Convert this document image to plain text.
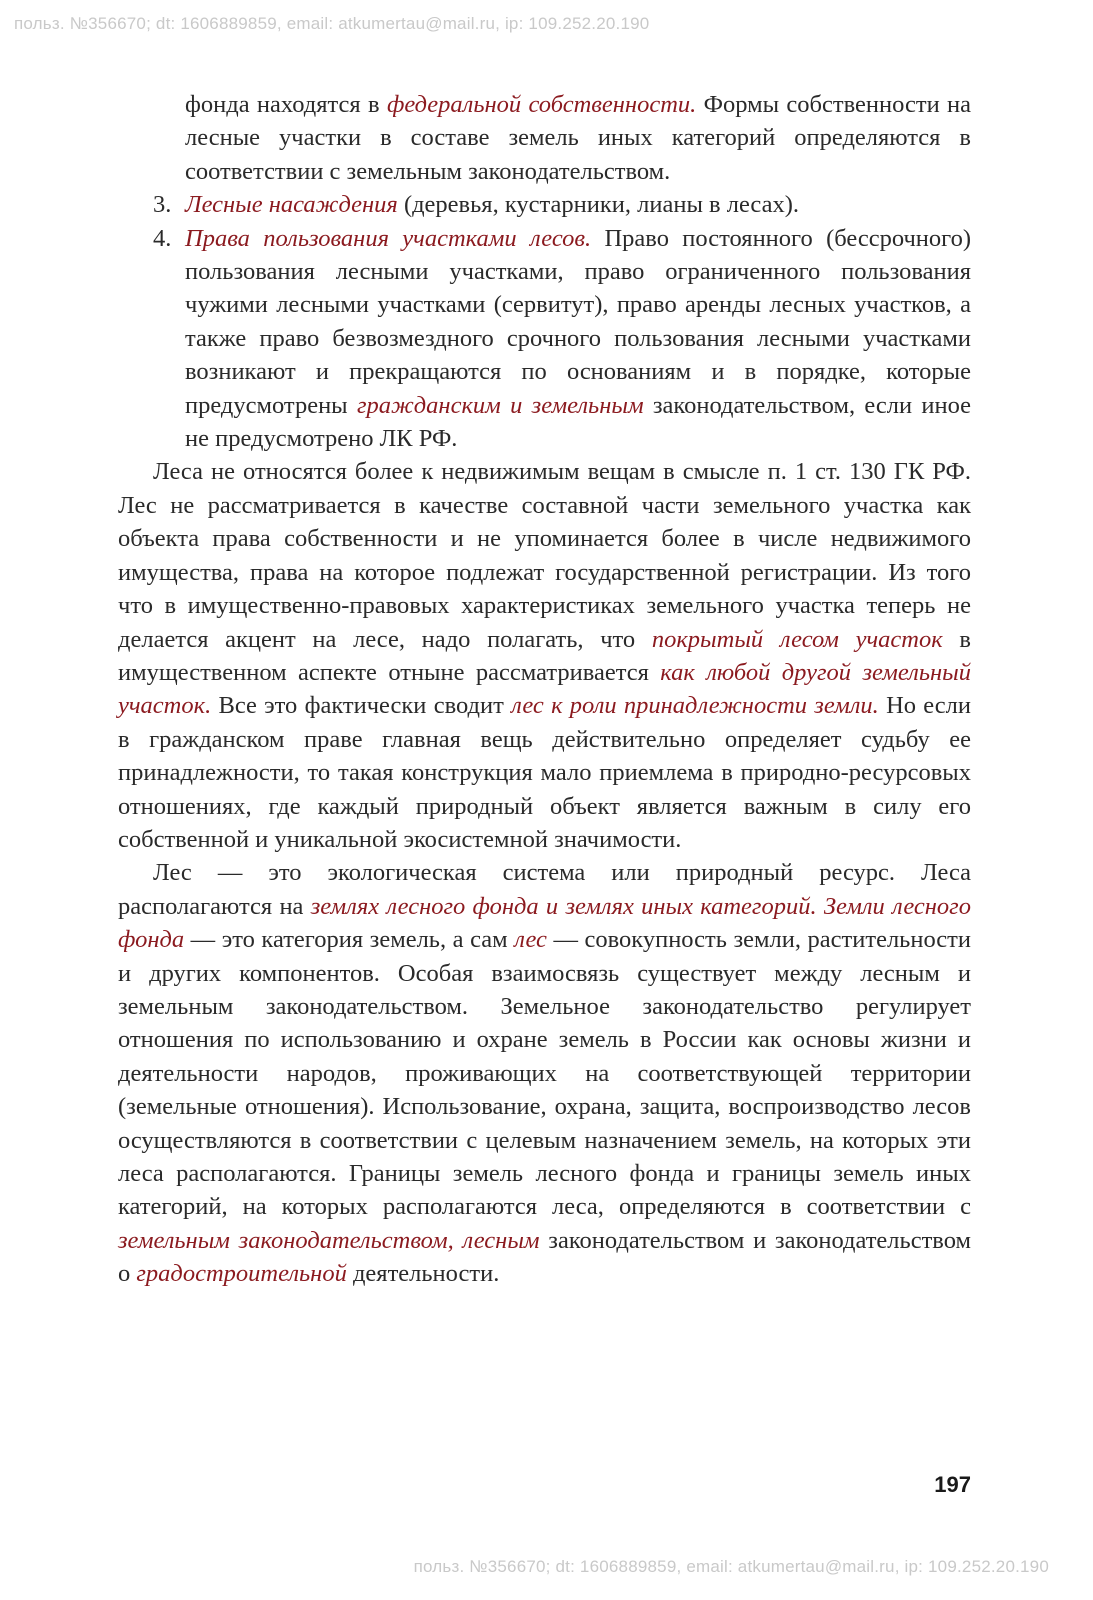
польз. №356670; dt: 1606889859, email: atkumertau@mail.ru, ip: 109.252.20.190

фонда находятся в федеральной собственности. Формы собственности на лесные участки в составе земель иных категорий определяются в соответствии с земельным законодательством.

3. Лесные насаждения (деревья, кустарники, лианы в лесах).
4. Права пользования участками лесов. Право постоянного (бессрочного) пользования лесными участками, право ограниченного пользования чужими лесными участками (сервитут), право аренды лесных участков, а также право безвозмездного срочного пользования лесными участками возникают и прекращаются по основаниям и в порядке, которые предусмотрены гражданским и земельным законодательством, если иное не предусмотрено ЛК РФ.

Леса не относятся более к недвижимым вещам в смысле п. 1 ст. 130 ГК РФ. Лес не рассматривается в качестве составной части земельного участка как объекта права собственности и не упоминается более в числе недвижимого имущества, права на которое подлежат государственной регистрации. Из того что в имущественно-правовых характеристиках земельного участка теперь не делается акцент на лесе, надо полагать, что покрытый лесом участок в имущественном аспекте отныне рассматривается как любой другой земельный участок. Все это фактически сводит лес к роли принадлежности земли. Но если в гражданском праве главная вещь действительно определяет судьбу ее принадлежности, то такая конструкция мало приемлема в природно-ресурсовых отношениях, где каждый природный объект является важным в силу его собственной и уникальной экосистемной значимости.

Лес — это экологическая система или природный ресурс. Леса располагаются на землях лесного фонда и землях иных категорий. Земли лесного фонда — это категория земель, а сам лес — совокупность земли, растительности и других компонентов. Особая взаимосвязь существует между лесным и земельным законодательством. Земельное законодательство регулирует отношения по использованию и охране земель в России как основы жизни и деятельности народов, проживающих на соответствующей территории (земельные отношения). Использование, охрана, защита, воспроизводство лесов осуществляются в соответствии с целевым назначением земель, на которых эти леса располагаются. Границы земель лесного фонда и границы земель иных категорий, на которых располагаются леса, определяются в соответствии с земельным законодательством, лесным законодательством и законодательством о градостроительной деятельности.

197
польз. №356670; dt: 1606889859, email: atkumertau@mail.ru, ip: 109.252.20.190
